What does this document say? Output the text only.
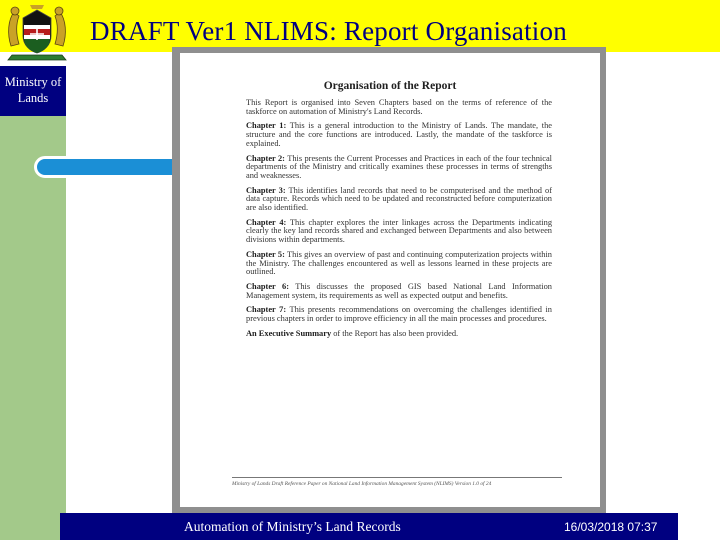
DRAFT Ver1 NLIMS: Report Organisation
Ministry of Lands
Organisation of the Report

This Report is organised into Seven Chapters based on the terms of reference of the taskforce on automation of Ministry's Land Records.

Chapter 1: This is a general introduction to the Ministry of Lands. The mandate, the structure and the core functions are introduced. Lastly, the mandate of the taskforce is explained.

Chapter 2: This presents the Current Processes and Practices in each of the four technical departments of the Ministry and critically examines these processes in terms of strengths and weaknesses.

Chapter 3: This identifies land records that need to be computerised and the method of data capture. Records which need to be updated and reconstructed before computerization are also identified.

Chapter 4: This chapter explores the inter linkages across the Departments indicating clearly the key land records shared and exchanged between Departments and also between divisions within departments.

Chapter 5: This gives an overview of past and continuing computerization projects within the Ministry. The challenges encountered as well as lessons learned in these projects are outlined.

Chapter 6: This discusses the proposed GIS based National Land Information Management system, its requirements as well as expected output and benefits.

Chapter 7: This presents recommendations on overcoming the challenges identified in previous chapters in order to improve efficiency in all the main processes and procedures.

An Executive Summary of the Report has also been provided.

Ministry of Lands Draft Reference Paper on National Land Information Management System (NLIMS) Version 1.0 of 24
Automation of Ministry’s Land Records	16/03/2018 07:37 20
